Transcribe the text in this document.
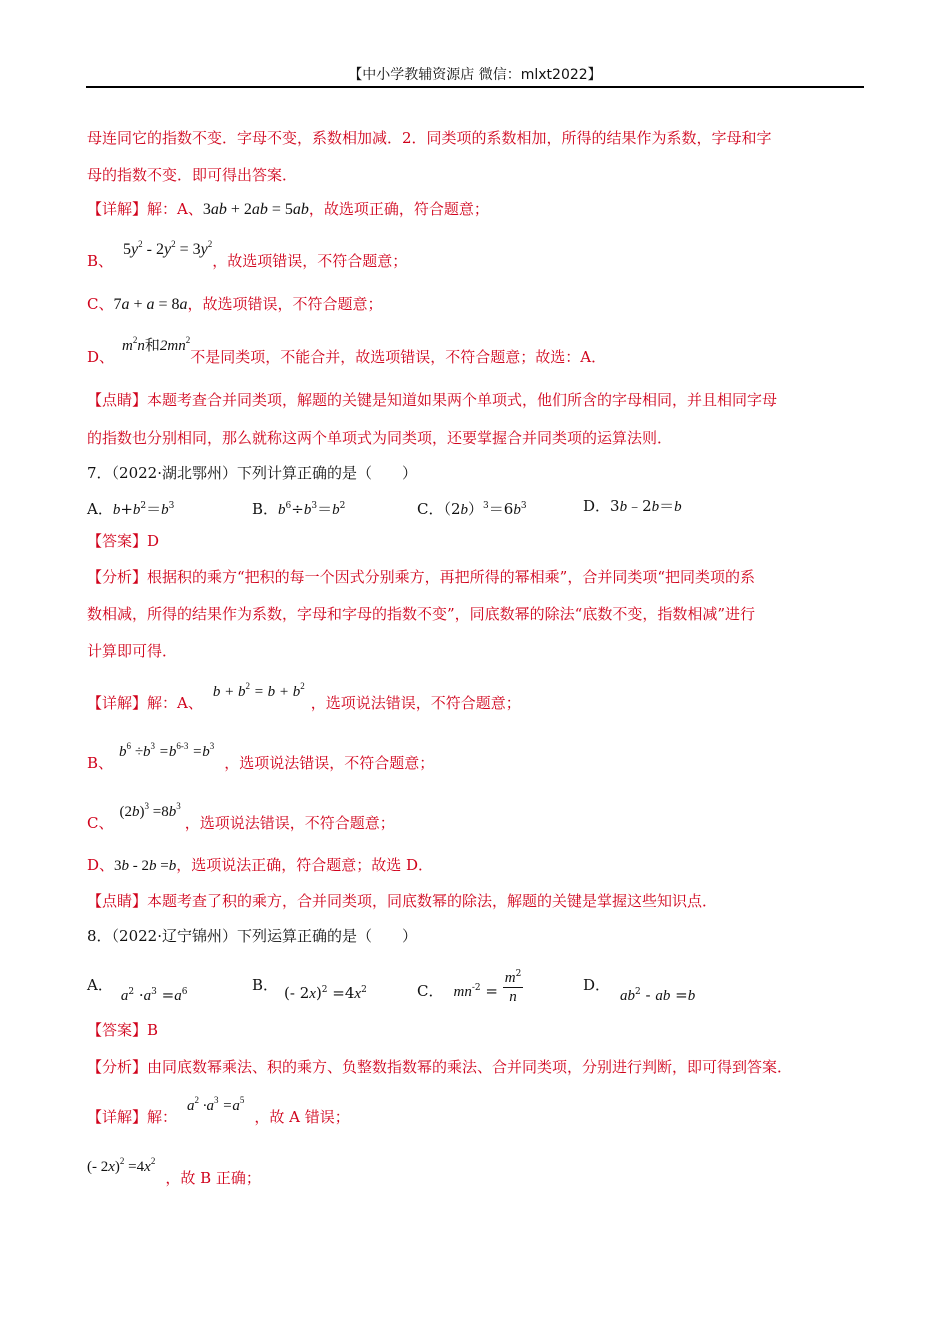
【中小学教辅资源店 微信：mlxt2022】
母连同它的指数不变．字母不变，系数相加减．2．同类项的系数相加，所得的结果作为系数，字母和字
母的指数不变．即可得出答案．
【详解】解：A、3ab + 2ab = 5ab，故选项正确，符合题意；
B、$5y^2 - 2y^2 = 3y^2$，故选项错误，不符合题意；
C、7a + a = 8a，故选项错误，不符合题意；
D、$m^2n$和$2mn^2$不是同类项，不能合并，故选项错误，不符合题意；故选：A．
【点睛】本题考查合并同类项，解题的关键是知道如果两个单项式，他们所含的字母相同，并且相同字母
的指数也分别相同，那么就称这两个单项式为同类项，还要掌握合并同类项的运算法则．
7．（2022·湖北鄂州）下列计算正确的是（　　）
A．$b+b^2=b^3$	B．$b^6\div b^3=b^2$	C．$(2b)^3=6b^3$	D．3b﹣2b＝b
【答案】D
【分析】根据积的乘方“把积的每一个因式分别乘方，再把所得的幂相乘”，合并同类项“把同类项的系
数相减，所得的结果作为系数，字母和字母的指数不变”，同底数幂的除法“底数不变，指数相减”进行
计算即可得．
【详解】解：A、$b + b^2 = b + b^2$，选项说法错误，不符合题意；
B、$b^6 \div b^3 =b^{6-3} =b^3$，选项说法错误，不符合题意；
C、$(2b)^3 =8b^3$，选项说法错误，不符合题意；
D、3b - 2b =b，选项说法正确，符合题意；故选 D．
【点睛】本题考查了积的乘方，合并同类项，同底数幂的除法，解题的关键是掌握这些知识点．
8．（2022·辽宁锦州）下列运算正确的是（　　）
A．$a^2 \cdot a^3 =a^6$	B． (- $2x)^2 =4x^2$	C． $mn^{-2} = \frac{m^2}{n}$	D．$ab^2$ - ab =b
【答案】B
【分析】由同底数幂乘法、积的乘方、负整数指数幂的乘法、合并同类项，分别进行判断，即可得到答案．
【详解】解：$a^2 \cdot a^3 =a^5$，故 A 错误；
(- $2x)^2 =4x^2$，故 B 正确；
